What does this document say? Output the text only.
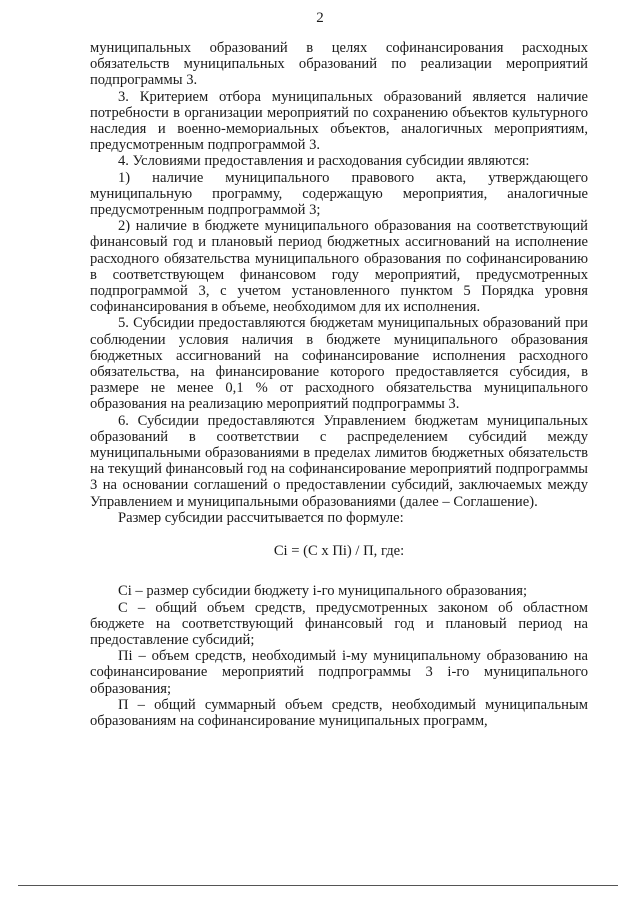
2

муниципальных образований в целях софинансирования расходных обязательств муниципальных образований по реализации мероприятий подпрограммы 3.

3. Критерием отбора муниципальных образований является наличие потребности в организации мероприятий по сохранению объектов культурного наследия и военно-мемориальных объектов, аналогичных мероприятиям, предусмотренным подпрограммой 3.

4. Условиями предоставления и расходования субсидии являются:

1) наличие муниципального правового акта, утверждающего муниципальную программу, содержащую мероприятия, аналогичные предусмотренным подпрограммой 3;

2) наличие в бюджете муниципального образования на соответствующий финансовый год и плановый период бюджетных ассигнований на исполнение расходного обязательства муниципального образования по софинансированию в соответствующем финансовом году мероприятий, предусмотренных подпрограммой 3, с учетом установленного пунктом 5 Порядка уровня софинансирования в объеме, необходимом для их исполнения.

5. Субсидии предоставляются бюджетам муниципальных образований при соблюдении условия наличия в бюджете муниципального образования бюджетных ассигнований на софинансирование исполнения расходного обязательства, на финансирование которого предоставляется субсидия, в размере не менее 0,1 % от расходного обязательства муниципального образования на реализацию мероприятий подпрограммы 3.

6. Субсидии предоставляются Управлением бюджетам муниципальных образований в соответствии с распределением субсидий между муниципальными образованиями в пределах лимитов бюджетных обязательств на текущий финансовый год на софинансирование мероприятий подпрограммы 3 на основании соглашений о предоставлении субсидий, заключаемых между Управлением и муниципальными образованиями (далее – Соглашение).

Размер субсидии рассчитывается по формуле:

Ci = (C x Пi) / П, где:

Ci – размер субсидии бюджету i-го муниципального образования;

C – общий объем средств, предусмотренных законом об областном бюджете на соответствующий финансовый год и плановый период на предоставление субсидий;

Пi – объем средств, необходимый i-му муниципальному образованию на софинансирование мероприятий подпрограммы 3 i-го муниципального образования;

П – общий суммарный объем средств, необходимый муниципальным образованиям на софинансирование муниципальных программ,
